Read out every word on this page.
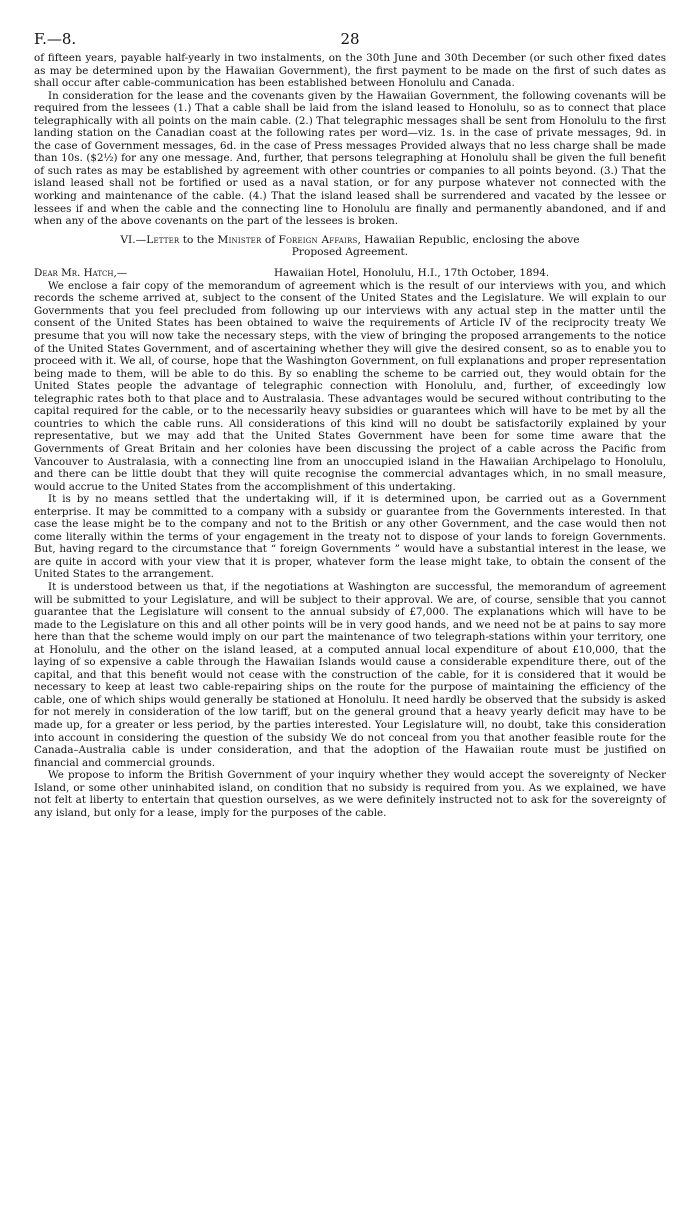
F.—8.	28

of fifteen years, payable half-yearly in two instalments, on the 30th June and 30th December (or such other fixed dates as may be determined upon by the Hawaiian Government), the first payment to be made on the first of such dates as shall occur after cable-communication has been established between Honolulu and Canada.

In consideration for the lease and the covenants given by the Hawaiian Government, the following covenants will be required from the lessees (1.) That a cable shall be laid from the island leased to Honolulu, so as to connect that place telegraphically with all points on the main cable. (2.) That telegraphic messages shall be sent from Honolulu to the first landing station on the Canadian coast at the following rates per word—viz. 1s. in the case of private messages, 9d. in the case of Government messages, 6d. in the case of Press messages Provided always that no less charge shall be made than 10s. ($2½) for any one message. And, further, that persons telegraphing at Honolulu shall be given the full benefit of such rates as may be established by agreement with other countries or companies to all points beyond. (3.) That the island leased shall not be fortified or used as a naval station, or for any purpose whatever not connected with the working and maintenance of the cable. (4.) That the island leased shall be surrendered and vacated by the lessee or lessees if and when the cable and the connecting line to Honolulu are finally and permanently abandoned, and if and when any of the above covenants on the part of the lessees is broken.

VI.—Letter to the Minister of Foreign Affairs, Hawaiian Republic, enclosing the above
Proposed Agreement.
Dear Mr. Hatch,—	Hawaiian Hotel, Honolulu, H.I., 17th October, 1894.

We enclose a fair copy of the memorandum of agreement which is the result of our interviews with you, and which records the scheme arrived at, subject to the consent of the United States and the Legislature. We will explain to our Governments that you feel precluded from following up our interviews with any actual step in the matter until the consent of the United States has been obtained to waive the requirements of Article IV of the reciprocity treaty We presume that you will now take the necessary steps, with the view of bringing the proposed arrangements to the notice of the United States Government, and of ascertaining whether they will give the desired consent, so as to enable you to proceed with it. We all, of course, hope that the Washington Government, on full explanations and proper representation being made to them, will be able to do this. By so enabling the scheme to be carried out, they would obtain for the United States people the advantage of telegraphic connection with Honolulu, and, further, of exceedingly low telegraphic rates both to that place and to Australasia. These advantages would be secured without contributing to the capital required for the cable, or to the necessarily heavy subsidies or guarantees which will have to be met by all the countries to which the cable runs. All considerations of this kind will no doubt be satisfactorily explained by your representative, but we may add that the United States Government have been for some time aware that the Governments of Great Britain and her colonies have been discussing the project of a cable across the Pacific from Vancouver to Australasia, with a connecting line from an unoccupied island in the Hawaiian Archipelago to Honolulu, and there can be little doubt that they will quite recognise the commercial advantages which, in no small measure, would accrue to the United States from the accomplishment of this undertaking.

It is by no means settled that the undertaking will, if it is determined upon, be carried out as a Government enterprise. It may be committed to a company with a subsidy or guarantee from the Governments interested. In that case the lease might be to the company and not to the British or any other Government, and the case would then not come literally within the terms of your engagement in the treaty not to dispose of your lands to foreign Governments. But, having regard to the circumstance that “ foreign Governments ” would have a substantial interest in the lease, we are quite in accord with your view that it is proper, whatever form the lease might take, to obtain the consent of the United States to the arrangement.

It is understood between us that, if the negotiations at Washington are successful, the memorandum of agreement will be submitted to your Legislature, and will be subject to their approval. We are, of course, sensible that you cannot guarantee that the Legislature will consent to the annual subsidy of £7,000. The explanations which will have to be made to the Legislature on this and all other points will be in very good hands, and we need not be at pains to say more here than that the scheme would imply on our part the maintenance of two telegraph-stations within your territory, one at Honolulu, and the other on the island leased, at a computed annual local expenditure of about £10,000, that the laying of so expensive a cable through the Hawaiian Islands would cause a considerable expenditure there, out of the capital, and that this benefit would not cease with the construction of the cable, for it is considered that it would be necessary to keep at least two cable-repairing ships on the route for the purpose of maintaining the efficiency of the cable, one of which ships would generally be stationed at Honolulu. It need hardly be observed that the subsidy is asked for not merely in consideration of the low tariff, but on the general ground that a heavy yearly deficit may have to be made up, for a greater or less period, by the parties interested. Your Legislature will, no doubt, take this consideration into account in considering the question of the subsidy We do not conceal from you that another feasible route for the Canada–Australia cable is under consideration, and that the adoption of the Hawaiian route must be justified on financial and commercial grounds.

We propose to inform the British Government of your inquiry whether they would accept the sovereignty of Necker Island, or some other uninhabited island, on condition that no subsidy is required from you. As we explained, we have not felt at liberty to entertain that question ourselves, as we were definitely instructed not to ask for the sovereignty of any island, but only for a lease, imply for the purposes of the cable.
